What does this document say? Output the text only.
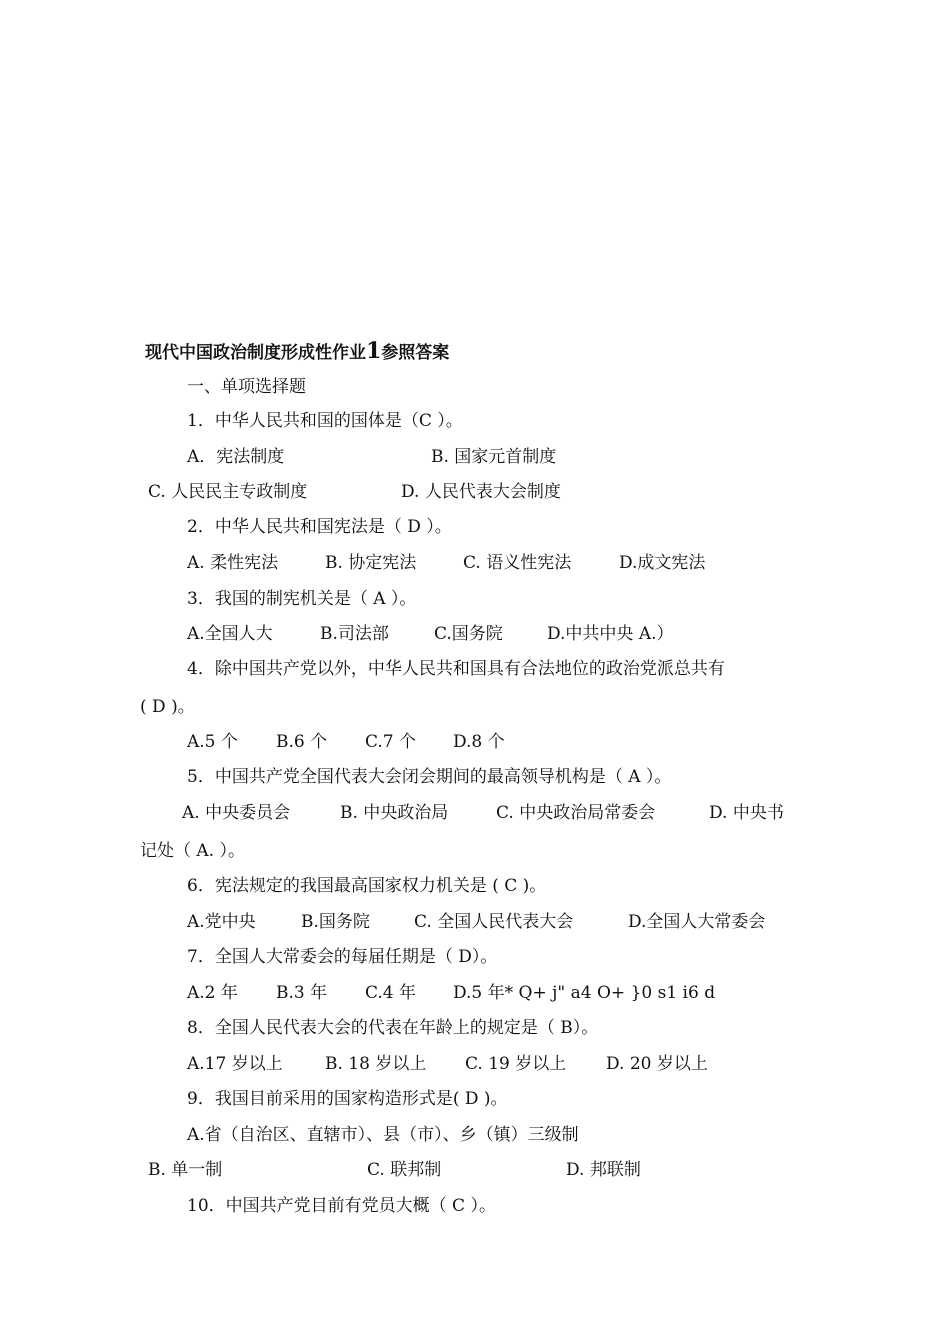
现代中国政治制度形成性作业1参照答案
一、单项选择题
1．中华人民共和国的国体是（C ）。
A．宪法制度	B. 国家元首制度
C. 人民民主专政制度	D. 人民代表大会制度
2．中华人民共和国宪法是（ D ）。
A. 柔性宪法	B. 协定宪法	C. 语义性宪法	D.成文宪法
3．我国的制宪机关是（ A ）。
A.全国人大	B.司法部	C.国务院	D.中共中央 A.）
4．除中国共产党以外，中华人民共和国具有合法地位的政治党派总共有
( D )。
A.5 个 B.6 个 C.7 个 D.8 个
5．中国共产党全国代表大会闭会期间的最高领导机构是（ A ）。
A. 中央委员会	B. 中央政治局	C. 中央政治局常委会	D. 中央书
记处（ A. ）。
6．宪法规定的我国最高国家权力机关是 ( C )。
A.党中央	B.国务院	C. 全国人民代表大会	D.全国人大常委会
7．全国人大常委会的每届任期是（ D）。
A.2 年 B.3 年 C.4 年 D.5 年* Q+ j" a4 O+ }0 s1 i6 d
8．全国人民代表大会的代表在年龄上的规定是（ B）。
A.17 岁以上 B. 18 岁以上 C. 19 岁以上 D. 20 岁以上
9．我国目前采用的国家构造形式是( D )。
A.省（自治区、直辖市）、县（市）、乡（镇）三级制
B. 单一制	C. 联邦制	D. 邦联制
10．中国共产党目前有党员大概（ C ）。
